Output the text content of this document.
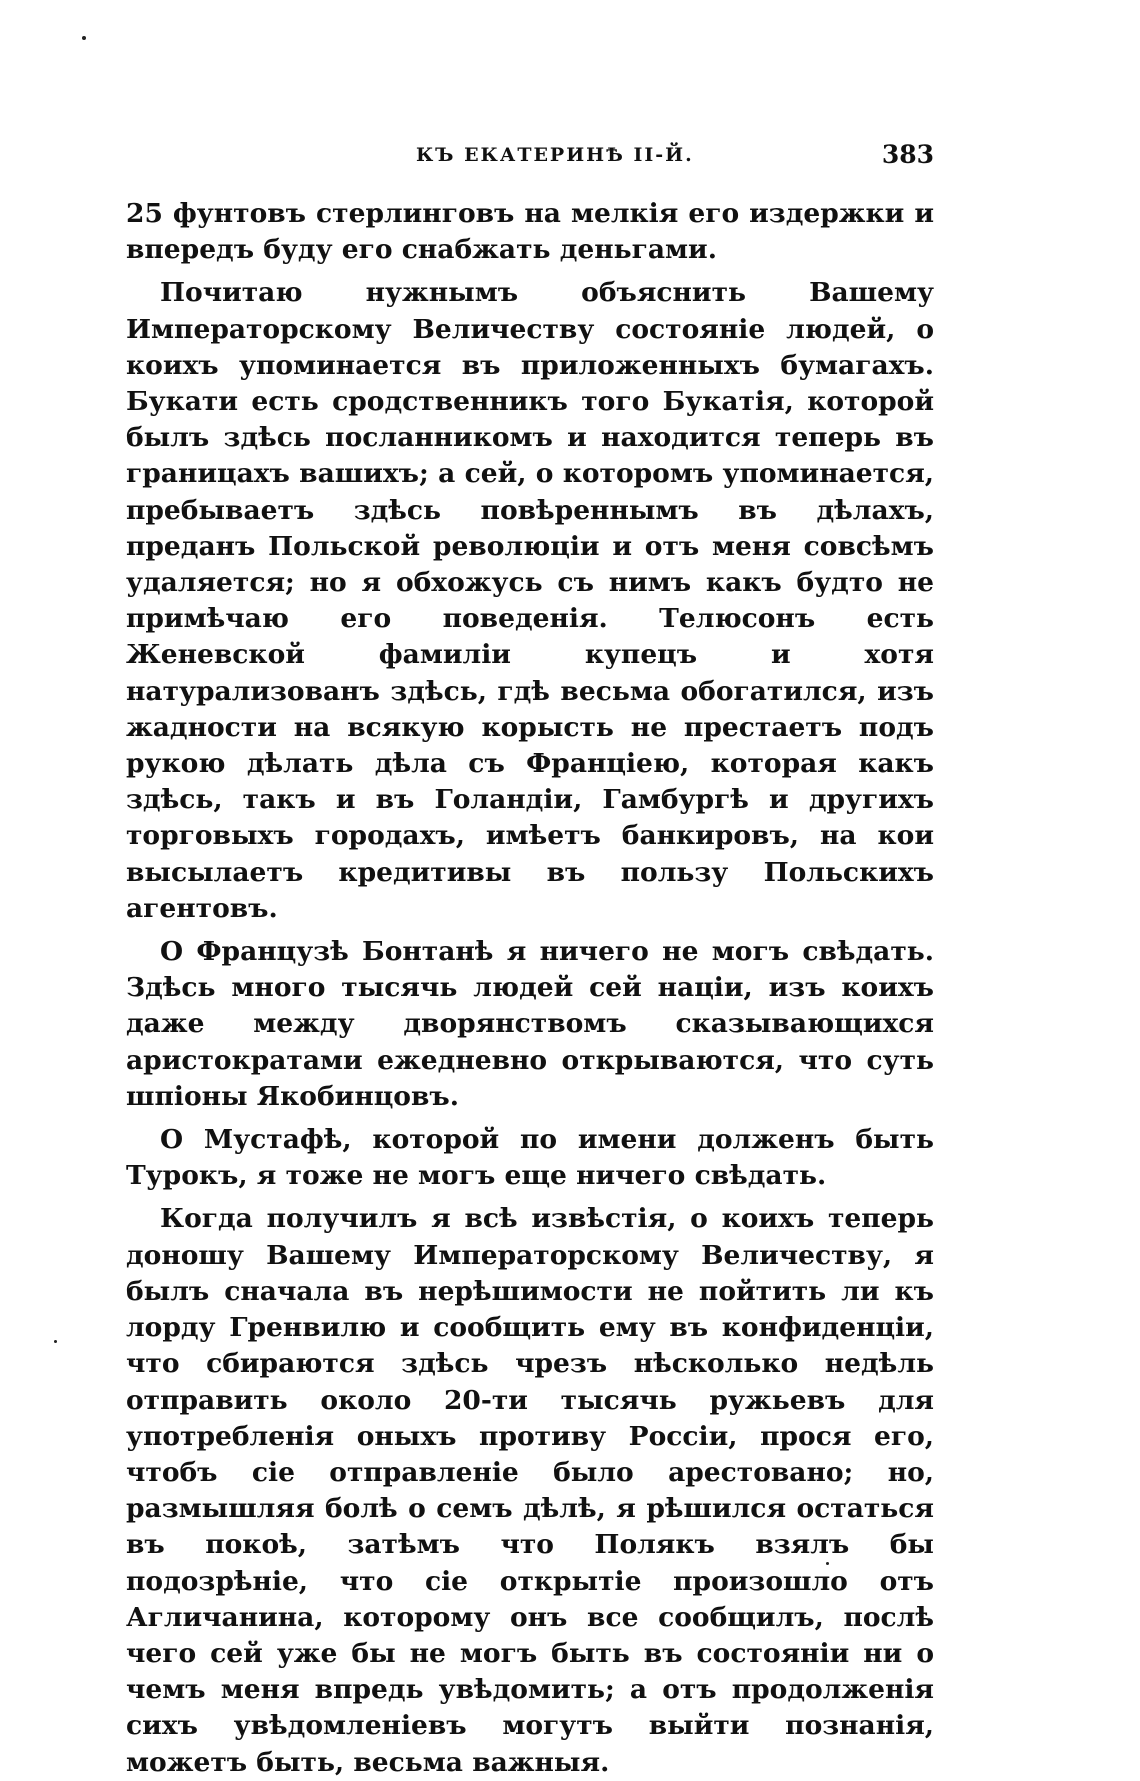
КЪ ЕКАТЕРИНѢ II-Й.	383

25 фунтовъ стерлинговъ на мелкія его издержки и впередъ буду его снабжать деньгами.

Почитаю нужнымъ объяснить Вашему Императорскому Величеству состояніе людей, о коихъ упоминается въ приложенныхъ бумагахъ. Букати есть сродственникъ того Букатія, которой былъ здѣсь посланникомъ и находится теперь въ границахъ вашихъ; а сей, о которомъ упоминается, пребываетъ здѣсь повѣреннымъ въ дѣлахъ, преданъ Польской революціи и отъ меня совсѣмъ удаляется; но я обхожусь съ нимъ какъ будто не примѣчаю его поведенія. Телюсонъ есть Женевской фамиліи купецъ и хотя натурализованъ здѣсь, гдѣ весьма обогатился, изъ жадности на всякую корысть не престаетъ подъ рукою дѣлать дѣла съ Франціею, которая какъ здѣсь, такъ и въ Голандіи, Гамбургѣ и другихъ торговыхъ городахъ, имѣетъ банкировъ, на кои высылаетъ кредитивы въ пользу Польскихъ агентовъ.

О Французѣ Бонтанѣ я ничего не могъ свѣдать. Здѣсь много тысячь людей сей націи, изъ коихъ даже между дворянствомъ сказывающихся аристократами ежедневно открываются, что суть шпіоны Якобинцовъ.

О Мустафѣ, которой по имени долженъ быть Турокъ, я тоже не могъ еще ничего свѣдать.

Когда получилъ я всѣ извѣстія, о коихъ теперь доношу Вашему Императорскому Величеству, я былъ сначала въ нерѣшимости не пойтить ли къ лорду Гренвилю и сообщить ему въ конфиденціи, что сбираются здѣсь чрезъ нѣсколько недѣль отправить около 20-ти тысячь ружьевъ для употребленія оныхъ противу Россіи, прося его, чтобъ сіе отправленіе было арестовано; но, размышляя болѣ о семъ дѣлѣ, я рѣшился остаться въ покоѣ, затѣмъ что Полякъ взялъ бы подозрѣніе, что сіе открытіе произошло отъ Агличанина, которому онъ все сообщилъ, послѣ чего сей уже бы не могъ быть въ состояніи ни о чемъ меня впредь увѣдомить; а отъ продолженія сихъ увѣдомленіевъ могутъ выйти познанія, можетъ быть, весьма важныя.
